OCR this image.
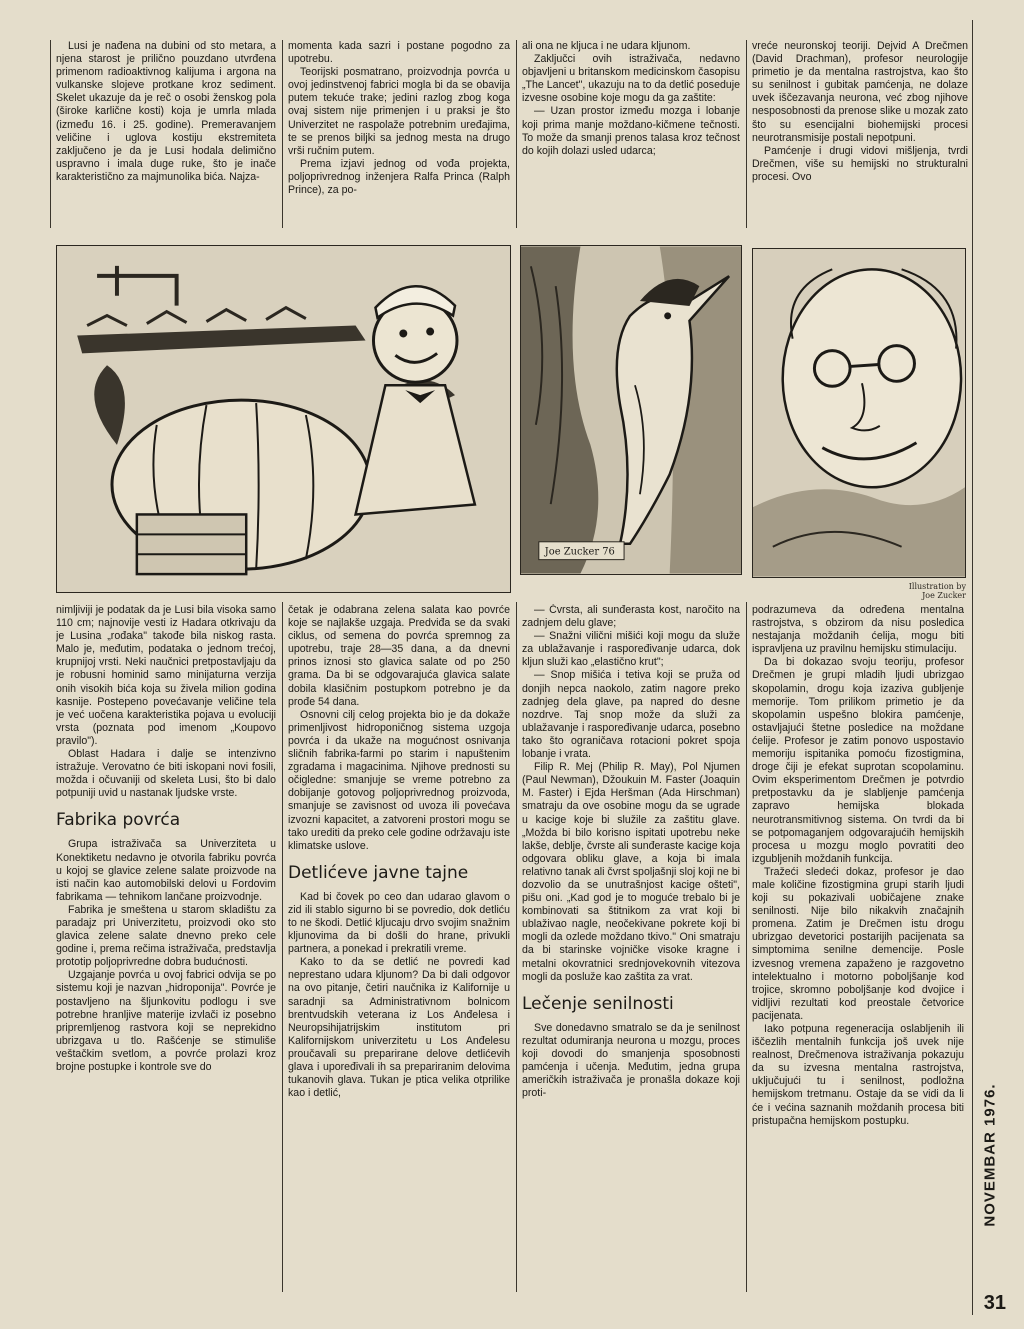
Lusi je nađena na dubini od sto metara, a njena starost je prilično pouzdano utvrđena primenom radioaktivnog kalijuma i argona na vulkanske slojeve protkane kroz sediment. Skelet ukazuje da je reč o osobi ženskog pola (široke karlične kosti) koja je umrla mlada (između 16. i 25. godine). Premeravanjem veličine i uglova kostiju ekstremiteta zaključeno je da je Lusi hodala delimično uspravno i imala duge ruke, što je inače karakteristično za majmunolika bića. Najza-

momenta kada sazri i postane pogodno za upotrebu.

Teorijski posmatrano, proizvodnja povrća u ovoj jedinstvenoj fabrici mogla bi da se obavija putem tekuće trake; jedini razlog zbog koga ovaj sistem nije primenjen i u praksi je što Univerzitet ne raspolaže potrebnim uređajima, te se prenos biljki sa jednog mesta na drugo vrši ručnim putem.

Prema izjavi jednog od vođa projekta, poljoprivrednog inženjera Ralfa Princa (Ralph Prince), za po-

ali ona ne kljuca i ne udara kljunom.

Zaključci ovih istraživača, nedavno objavljeni u britanskom medicinskom časopisu „The Lancet", ukazuju na to da detlić poseduje izvesne osobine koje mogu da ga zaštite:

— Uzan prostor između mozga i lobanje koji prima manje moždano-kičmene tečnosti. To može da smanji prenos talasa kroz tečnost do kojih dolazi usled udarca;

vreće neuronskoj teoriji. Dejvid A Drečmen (David Drachman), profesor neurologije primetio je da mentalna rastrojstva, kao što su senilnost i gubitak pamćenja, ne dolaze uvek iščezavanja neurona, već zbog njihove nesposobnosti da prenose slike u mozak zato što su esencijalni biohemijski procesi neurotransmisije postali nepotpuni.

Pamćenje i drugi vidovi mišljenja, tvrdi Drečmen, više su hemijski no strukturalni procesi. Ovo

Joe Zucker 76
Illustration by
Joe Zucker

nimljiviji je podatak da je Lusi bila visoka samo 110 cm; najnovije vesti iz Hadara otkrivaju da je Lusina „rođaka" takođe bila niskog rasta. Malo je, međutim, podataka o jednom trećoj, krupnijoj vrsti. Neki naučnici pretpostavljaju da je robusni hominid samo minijaturna verzija onih visokih bića koja su živela milion godina kasnije. Postepeno povećavanje veličine tela je već uočena karakteristika pojava u evoluciji vrsta (poznata pod imenom „Koupovo pravilo").

Oblast Hadara i dalje se intenzivno istražuje. Verovatno će biti iskopani novi fosili, možda i očuvaniji od skeleta Lusi, što bi dalo potpuniji uvid u nastanak ljudske vrste.

Fabrika povrća

Grupa istraživača sa Univerziteta u Konektiketu nedavno je otvorila fabriku povrća u kojoj se glavice zelene salate proizvode na isti način kao automobilski delovi u Fordovim fabrikama — tehnikom lančane proizvodnje.

Fabrika je smeštena u starom skladištu za paradajz pri Univerzitetu, proizvodi oko sto glavica zelene salate dnevno preko cele godine i, prema rečima istraživača, predstavlja prototip poljoprivredne dobra budućnosti.

Uzgajanje povrća u ovoj fabrici odvija se po sistemu koji je nazvan „hidroponija". Povrće je postavljeno na šljunkovitu podlogu i sve potrebne hranljive materije izvlači iz posebno pripremljenog rastvora koji se neprekidno ubrizgava u tlo. Rašćenje se stimuliše veštačkim svetlom, a povrće prolazi kroz brojne postupke i kontrole sve do

četak je odabrana zelena salata kao povrće koje se najlakše uzgaja. Predviđa se da svaki ciklus, od semena do povrća spremnog za upotrebu, traje 28—35 dana, a da dnevni prinos iznosi sto glavica salate od po 250 grama. Da bi se odgovarajuća glavica salate dobila klasičnim postupkom potrebno je da prođe 54 dana.

Osnovni cilj celog projekta bio je da dokaže primenljivost hidroponičnog sistema uzgoja povrća i da ukaže na mogućnost osnivanja sličnih fabrika-farmi po starim i napuštenim zgradama i magacinima. Njihove prednosti su očigledne: smanjuje se vreme potrebno za dobijanje gotovog poljoprivrednog proizvoda, smanjuje se zavisnost od uvoza ili povećava izvozni kapacitet, a zatvoreni prostori mogu se tako urediti da preko cele godine održavaju iste klimatske uslove.

Detlićeve javne tajne

Kad bi čovek po ceo dan udarao glavom o zid ili stablo sigurno bi se povredio, dok detliću to ne škodi. Detlić kljucaju drvo svojim snažnim kljunovima da bi došli do hrane, privukli partnera, a ponekad i prekratili vreme.

Kako to da se detlić ne povredi kad neprestano udara kljunom? Da bi dali odgovor na ovo pitanje, četiri naučnika iz Kalifornije u saradnji sa Administrativnom bolnicom brentvudskih veterana iz Los Anđelesa i Neuropsihijatrijskim institutom pri Kalifornijskom univerzitetu u Los Anđelesu proučavali su preparirane delove detlićevih glava i upoređivali ih sa prepariranim delovima tukanovih glava. Tukan je ptica velika otprilike kao i detlić,

— Čvrsta, ali sunđerasta kost, naročito na zadnjem delu glave;

— Snažni vilični mišići koji mogu da služe za ublažavanje i raspoređivanje udarca, dok kljun služi kao „elastično krut";

— Snop mišića i tetiva koji se pruža od donjih nepca naokolo, zatim nagore preko zadnjeg dela glave, pa napred do desne nozdrve. Taj snop može da služi za ublažavanje i raspoređivanje udarca, posebno tako što ograničava rotacioni pokret spoja lobanje i vrata.

Filip R. Mej (Philip R. May), Pol Njumen (Paul Newman), Džoukuin M. Faster (Joaquin M. Faster) i Ejda Heršman (Ada Hirschman) smatraju da ove osobine mogu da se ugrade u kacige koje bi služile za zaštitu glave. „Možda bi bilo korisno ispitati upotrebu neke lakše, deblje, čvrste ali sunđeraste kacige koja odgovara obliku glave, a koja bi imala relativno tanak ali čvrst spoljašnji sloj koji ne bi dozvolio da se unutrašnjost kacige ošteti", pišu oni. „Kad god je to moguće trebalo bi je kombinovati sa štitnikom za vrat koji bi ublaživao nagle, neočekivane pokrete koji bi mogli da ozlede moždano tkivo." Oni smatraju da bi starinske vojničke visoke kragne i metalni okovratnici srednjovekovnih vitezova mogli da posluže kao zaštita za vrat.

Lečenje senilnosti

Sve donedavno smatralo se da je senilnost rezultat odumiranja neurona u mozgu, proces koji dovodi do smanjenja sposobnosti pamćenja i učenja. Međutim, jedna grupa američkih istraživača je pronašla dokaze koji proti-

podrazumeva da određena mentalna rastrojstva, s obzirom da nisu posledica nestajanja moždanih ćelija, mogu biti ispravljena uz pravilnu hemijsku stimulaciju.

Da bi dokazao svoju teoriju, profesor Drečmen je grupi mladih ljudi ubrizgao skopolamin, drogu koja izaziva gubljenje memorije. Tom prilikom primetio je da skopolamin uspešno blokira pamćenje, ostavljajući štetne posledice na moždane ćelije. Profesor je zatim ponovo uspostavio memoriju ispitanika pomoću fizostigmina, droge čiji je efekat suprotan scopolaminu. Ovim eksperimentom Drečmen je potvrdio pretpostavku da je slabljenje pamćenja zapravo hemijska blokada neurotransmitivnog sistema. On tvrdi da bi se potpomaganjem odgovarajućih hemijskih procesa u mozgu moglo povratiti deo izgubljenih moždanih funkcija.

Tražeći sledeći dokaz, profesor je dao male količine fizostigmina grupi starih ljudi koji su pokazivali uobičajene znake senilnosti. Nije bilo nikakvih značajnih promena. Zatim je Drečmen istu drogu ubrizgao devetorici postarijih pacijenata sa simptomima senilne demencije. Posle izvesnog vremena zapaženo je razgovetno intelektualno i motorno poboljšanje kod trojice, skromno poboljšanje kod dvojice i vidljivi rezultati kod preostale četvorice pacijenata.

Iako potpuna regeneracija oslabljenih ili iščezlih mentalnih funkcija još uvek nije realnost, Drečmenova istraživanja pokazuju da su izvesna mentalna rastrojstva, uključujući tu i senilnost, podložna hemijskom tretmanu. Ostaje da se vidi da li će i većina saznanih moždanih procesa biti pristupačna hemijskom postupku.	NOVEMBAR 1976.
31
